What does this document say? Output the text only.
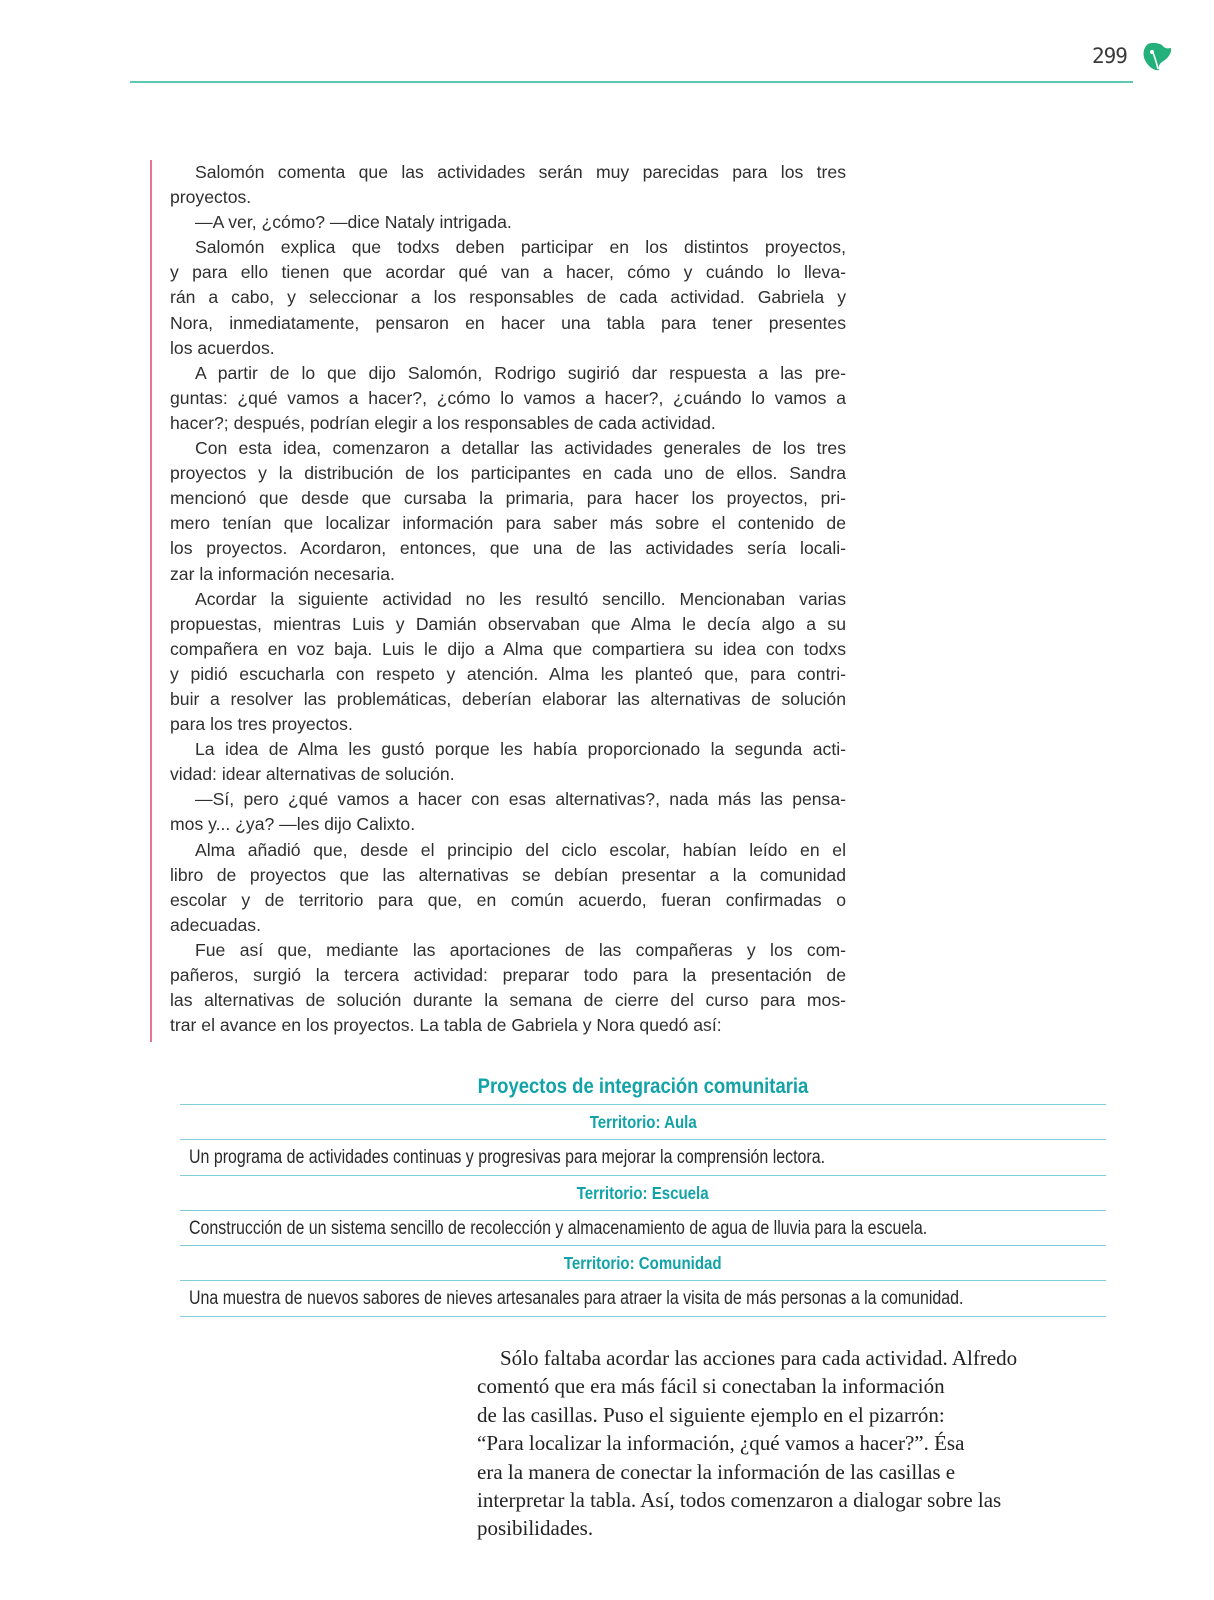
299
Salomón comenta que las actividades serán muy parecidas para los tres
proyectos.
—A ver, ¿cómo? —dice Nataly intrigada.
Salomón explica que todxs deben participar en los distintos proyectos,
y para ello tienen que acordar qué van a hacer, cómo y cuándo lo lleva-
rán a cabo, y seleccionar a los responsables de cada actividad. Gabriela y
Nora, inmediatamente, pensaron en hacer una tabla para tener presentes
los acuerdos.
A partir de lo que dijo Salomón, Rodrigo sugirió dar respuesta a las pre-
guntas: ¿qué vamos a hacer?, ¿cómo lo vamos a hacer?, ¿cuándo lo vamos a
hacer?; después, podrían elegir a los responsables de cada actividad.
Con esta idea, comenzaron a detallar las actividades generales de los tres
proyectos y la distribución de los participantes en cada uno de ellos. Sandra
mencionó que desde que cursaba la primaria, para hacer los proyectos, pri-
mero tenían que localizar información para saber más sobre el contenido de
los proyectos. Acordaron, entonces, que una de las actividades sería locali-
zar la información necesaria.
Acordar la siguiente actividad no les resultó sencillo. Mencionaban varias
propuestas, mientras Luis y Damián observaban que Alma le decía algo a su
compañera en voz baja. Luis le dijo a Alma que compartiera su idea con todxs
y pidió escucharla con respeto y atención. Alma les planteó que, para contri-
buir a resolver las problemáticas, deberían elaborar las alternativas de solución
para los tres proyectos.
La idea de Alma les gustó porque les había proporcionado la segunda acti-
vidad: idear alternativas de solución.
—Sí, pero ¿qué vamos a hacer con esas alternativas?, nada más las pensa-
mos y... ¿ya? —les dijo Calixto.
Alma añadió que, desde el principio del ciclo escolar, habían leído en el
libro de proyectos que las alternativas se debían presentar a la comunidad
escolar y de territorio para que, en común acuerdo, fueran confirmadas o
adecuadas.
Fue así que, mediante las aportaciones de las compañeras y los com-
pañeros, surgió la tercera actividad: preparar todo para la presentación de
las alternativas de solución durante la semana de cierre del curso para mos-
trar el avance en los proyectos. La tabla de Gabriela y Nora quedó así:
Proyectos de integración comunitaria
Territorio: Aula
Un programa de actividades continuas y progresivas para mejorar la comprensión lectora.
Territorio: Escuela
Construcción de un sistema sencillo de recolección y almacenamiento de agua de lluvia para la escuela.
Territorio: Comunidad
Una muestra de nuevos sabores de nieves artesanales para atraer la visita de más personas a la comunidad.
Sólo faltaba acordar las acciones para cada actividad. Alfredo
comentó que era más fácil si conectaban la información
de las casillas. Puso el siguiente ejemplo en el pizarrón:
“Para localizar la información, ¿qué vamos a hacer?”. Ésa
era la manera de conectar la información de las casillas e
interpretar la tabla. Así, todos comenzaron a dialogar sobre las
posibilidades.
